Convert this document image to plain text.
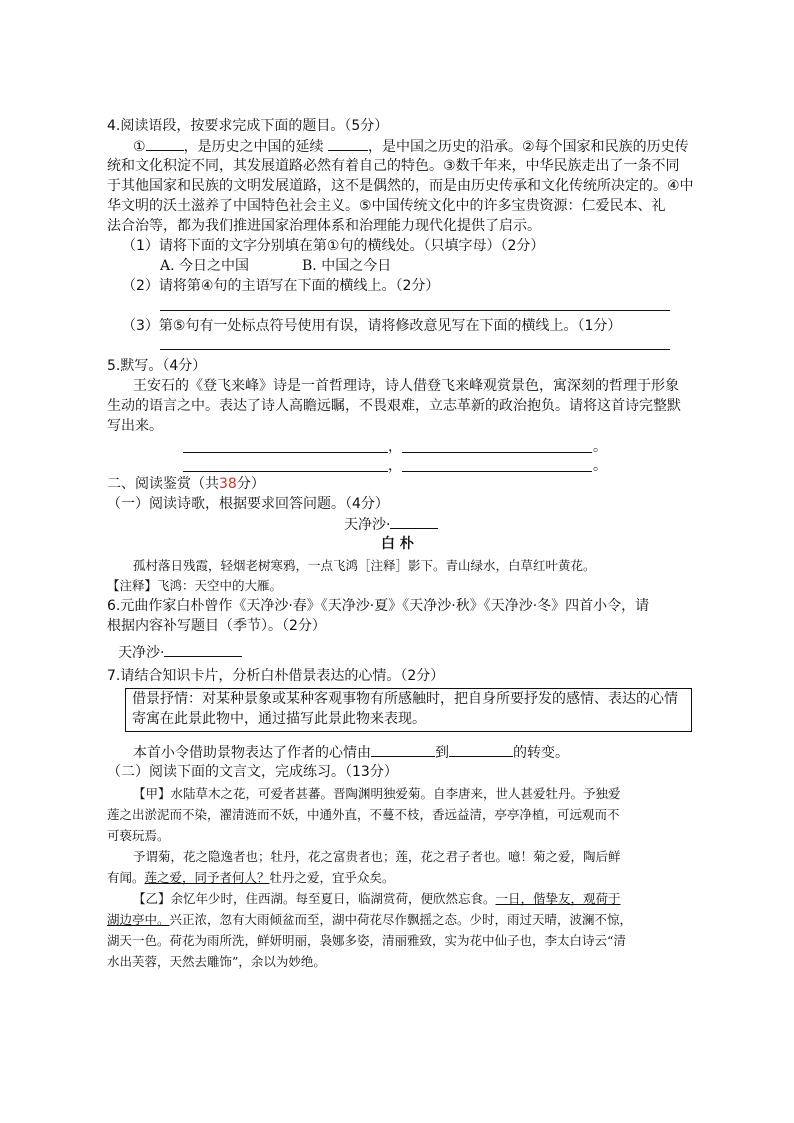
4.阅读语段，按要求完成下面的题目。（5分）
①	，是历史之中国的延续	，是中国之历史的沿承。②每个国家和民族的历史传
统和文化积淀不同，其发展道路必然有着自己的特色。③数千年来，中华民族走出了一条不同
于其他国家和民族的文明发展道路，这不是偶然的，而是由历史传承和文化传统所决定的。④中
华文明的沃土滋养了中国特色社会主义。⑤中国传统文化中的许多宝贵资源：仁爱民本、礼
法合治等，都为我们推进国家治理体系和治理能力现代化提供了启示。
（1）请将下面的文字分别填在第①句的横线处。（只填字母）（2分）
A. 今日之中国	B. 中国之今日
（2）请将第④句的主语写在下面的横线上。（2分）
（3）第⑤句有一处标点符号使用有误，请将修改意见写在下面的横线上。（1分）
5.默写。（4分）
王安石的《登飞来峰》诗是一首哲理诗，诗人借登飞来峰观赏景色，寓深刻的哲理于形象
生动的语言之中。表达了诗人高瞻远瞩，不畏艰难，立志革新的政治抱负。请将这首诗完整默
写出来。
，	。
，	。
二、阅读鉴赏（共38分）
（一）阅读诗歌，根据要求回答问题。（4分）
天净沙·
白 朴
孤村落日残霞，轻烟老树寒鸦，一点飞鸿［注释］影下。青山绿水，白草红叶黄花。
【注释】飞鸿：天空中的大雁。
6.元曲作家白朴曾作《天净沙·春》《天净沙·夏》《天净沙·秋》《天净沙·冬》四首小令，请
根据内容补写题目（季节）。（2分）
天净沙·
7.请结合知识卡片，分析白朴借景表达的心情。（2分）
借景抒情：对某种景象或某种客观事物有所感触时，把自身所要抒发的感情、表达的心情
寄寓在此景此物中，通过描写此景此物来表现。
本首小令借助景物表达了作者的心情由	到	的转变。
（二）阅读下面的文言文，完成练习。（13分）
【甲】水陆草木之花，可爱者甚蕃。晋陶渊明独爱菊。自李唐来，世人甚爱牡丹。予独爱
莲之出淤泥而不染，濯清涟而不妖，中通外直，不蔓不枝，香远益清，亭亭净植，可远观而不
可亵玩焉。
予谓菊，花之隐逸者也；牡丹，花之富贵者也；莲，花之君子者也。噫！菊之爱，陶后鲜
有闻。莲之爱，同予者何人？牡丹之爱，宜乎众矣。
【乙】余忆年少时，住西湖。每至夏日，临湖赏荷，便欣然忘食。一日，偕挚友，观荷于
湖边亭中。兴正浓，忽有大雨倾盆而至，湖中荷花尽作飘摇之态。少时，雨过天晴，波澜不惊，
湖天一色。荷花为雨所洗，鲜妍明丽，袅娜多姿，清丽雅致，实为花中仙子也，李太白诗云“清
水出芙蓉，天然去雕饰”，余以为妙绝。
